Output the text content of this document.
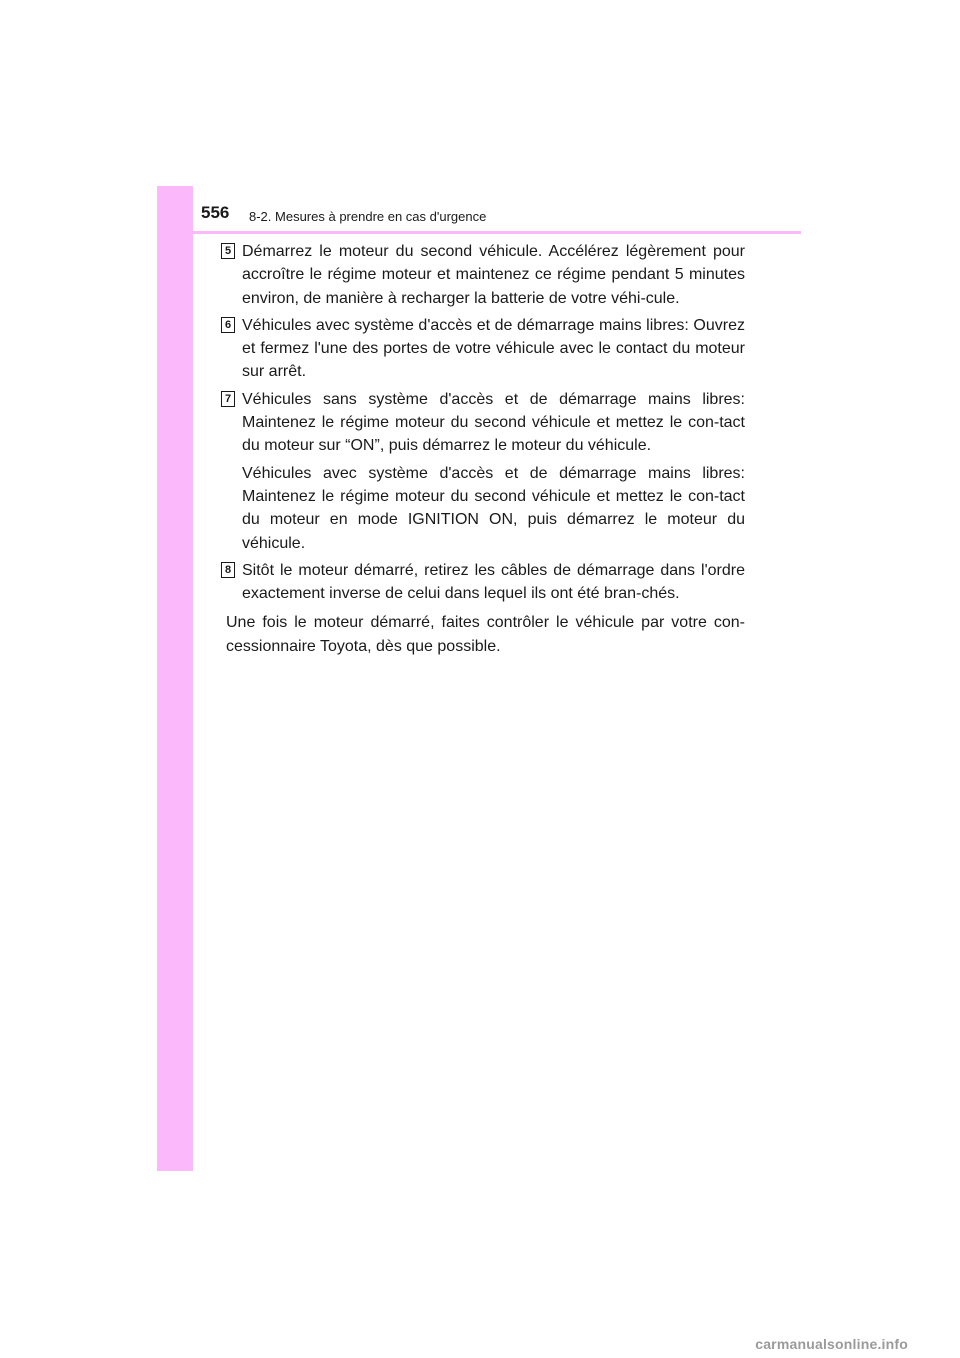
556 8-2. Mesures à prendre en cas d'urgence
5 Démarrez le moteur du second véhicule. Accélérez légèrement pour accroître le régime moteur et maintenez ce régime pendant 5 minutes environ, de manière à recharger la batterie de votre véhi-cule.

6 Véhicules avec système d'accès et de démarrage mains libres: Ouvrez et fermez l'une des portes de votre véhicule avec le contact du moteur sur arrêt.

7 Véhicules sans système d'accès et de démarrage mains libres: Maintenez le régime moteur du second véhicule et mettez le con-tact du moteur sur “ON”, puis démarrez le moteur du véhicule.

Véhicules avec système d'accès et de démarrage mains libres: Maintenez le régime moteur du second véhicule et mettez le con-tact du moteur en mode IGNITION ON, puis démarrez le moteur du véhicule.

8 Sitôt le moteur démarré, retirez les câbles de démarrage dans l'ordre exactement inverse de celui dans lequel ils ont été bran-chés.

Une fois le moteur démarré, faites contrôler le véhicule par votre con-cessionnaire Toyota, dès que possible.

carmanualsonline.info
